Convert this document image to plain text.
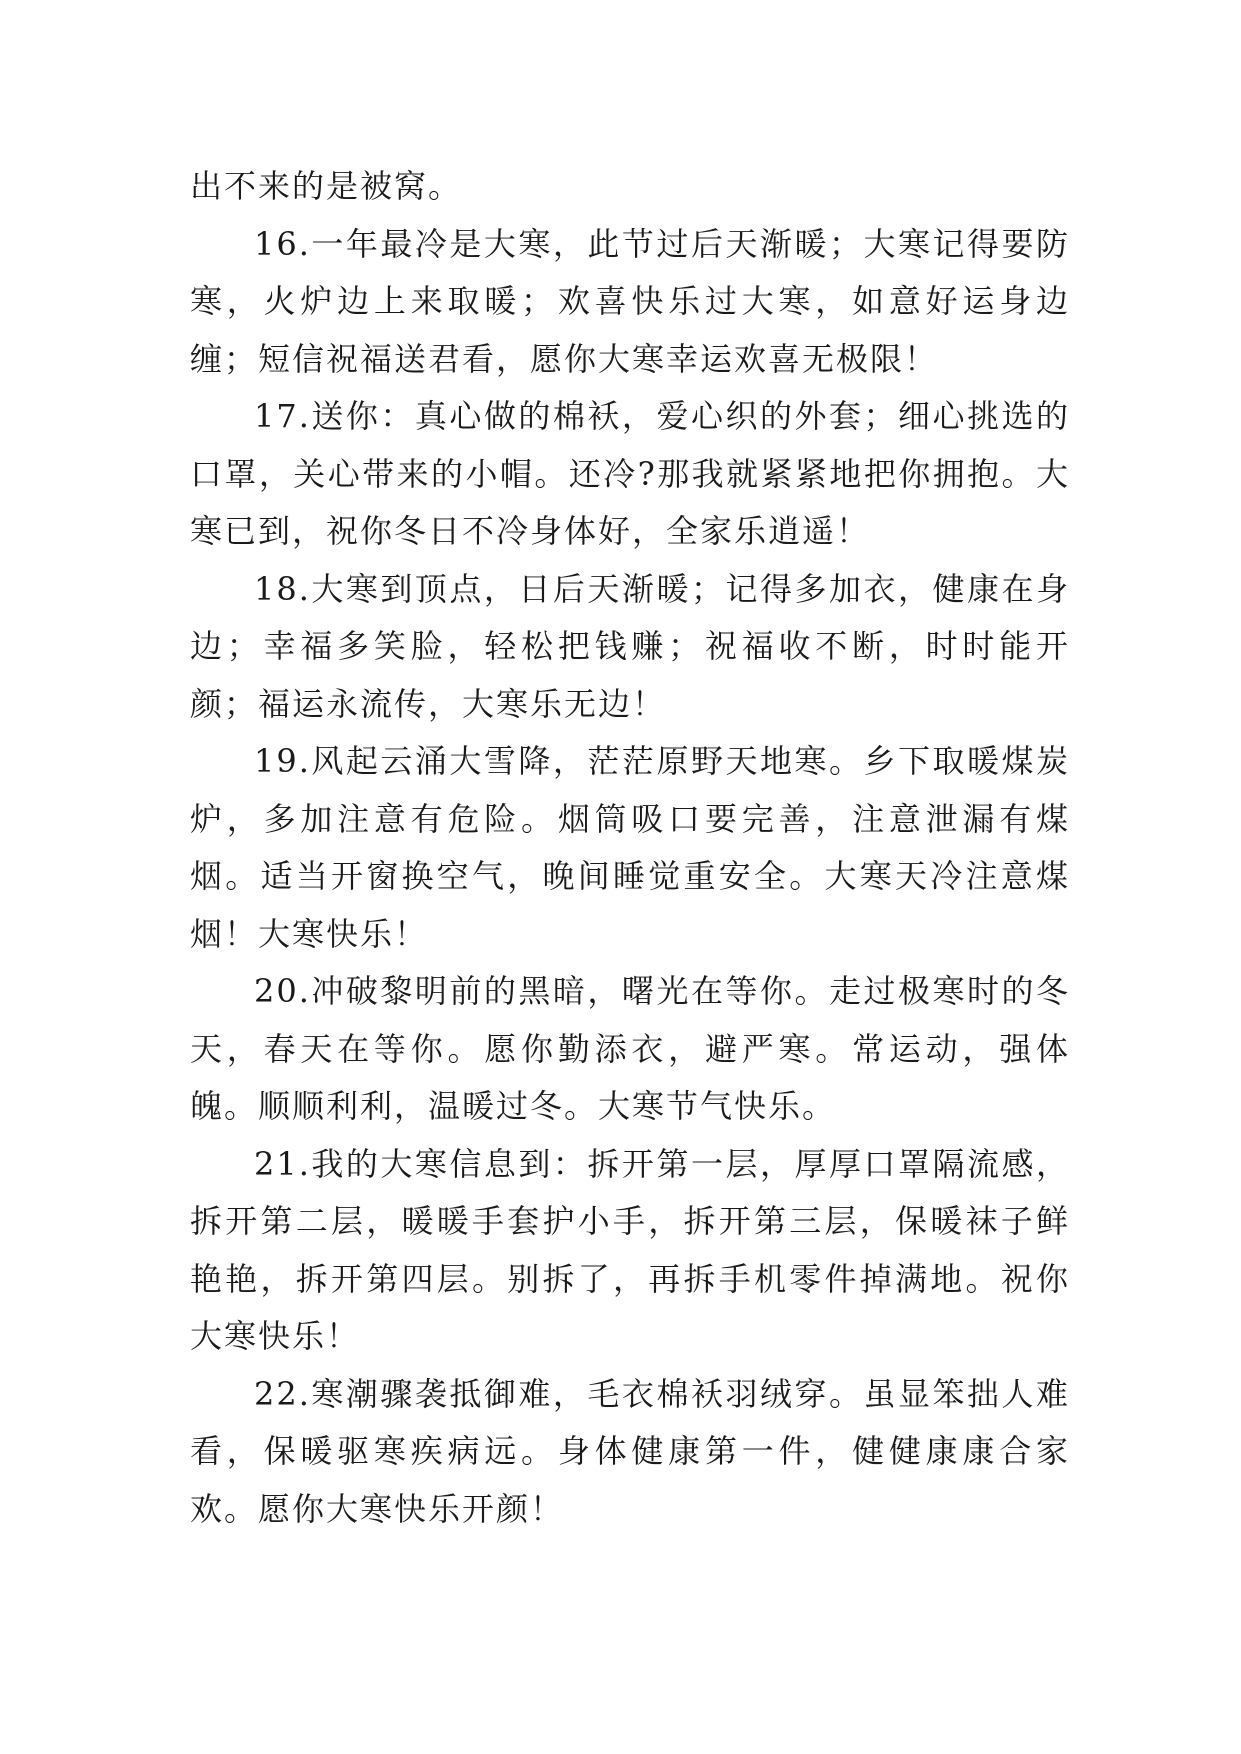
出不来的是被窝。

16.一年最冷是大寒，此节过后天渐暖；大寒记得要防寒，火炉边上来取暖；欢喜快乐过大寒，如意好运身边缠；短信祝福送君看，愿你大寒幸运欢喜无极限！

17.送你：真心做的棉袄，爱心织的外套；细心挑选的口罩，关心带来的小帽。还冷?那我就紧紧地把你拥抱。大寒已到，祝你冬日不冷身体好，全家乐逍遥！

18.大寒到顶点，日后天渐暖；记得多加衣，健康在身边；幸福多笑脸，轻松把钱赚；祝福收不断，时时能开颜；福运永流传，大寒乐无边！

19.风起云涌大雪降，茫茫原野天地寒。乡下取暖煤炭炉，多加注意有危险。烟筒吸口要完善，注意泄漏有煤烟。适当开窗换空气，晚间睡觉重安全。大寒天冷注意煤烟！大寒快乐！

20.冲破黎明前的黑暗，曙光在等你。走过极寒时的冬天，春天在等你。愿你勤添衣，避严寒。常运动，强体魄。顺顺利利，温暖过冬。大寒节气快乐。

21.我的大寒信息到：拆开第一层，厚厚口罩隔流感，拆开第二层，暖暖手套护小手，拆开第三层，保暖袜子鲜艳艳，拆开第四层。别拆了，再拆手机零件掉满地。祝你大寒快乐！

22.寒潮骤袭抵御难，毛衣棉袄羽绒穿。虽显笨拙人难看，保暖驱寒疾病远。身体健康第一件，健健康康合家欢。愿你大寒快乐开颜！
